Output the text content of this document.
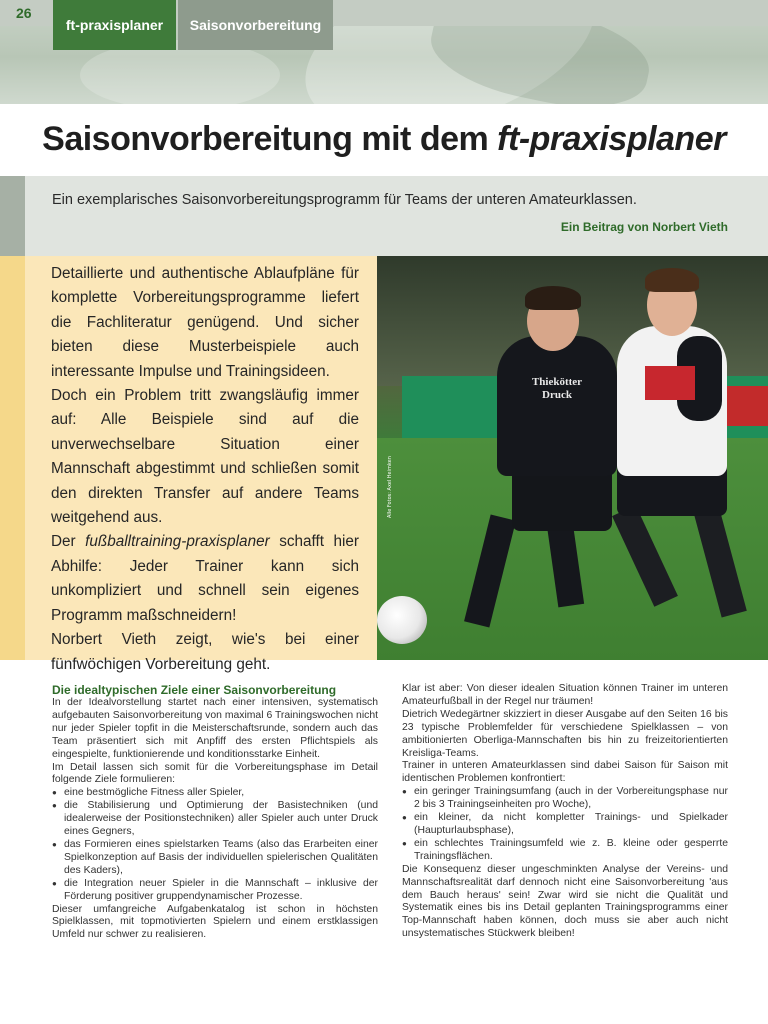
26
ft-praxisplaner	Saisonvorbereitung
Saisonvorbereitung mit dem ft-praxisplaner
Ein exemplarisches Saisonvorbereitungsprogramm für Teams der unteren Amateurklassen.
Ein Beitrag von Norbert Vieth

Detaillierte und authentische Ablaufpläne für komplette Vorbereitungsprogramme liefert die Fachliteratur genügend. Und sicher bieten diese Musterbeispiele auch interessante Impulse und Trainingsideen.

Doch ein Problem tritt zwangsläufig immer auf: Alle Beispiele sind auf die unverwechselbare Situation einer Mannschaft abgestimmt und schließen somit den direkten Transfer auf andere Teams weitgehend aus.

Der fußballtraining-praxisplaner schafft hier Abhilfe: Jeder Trainer kann sich unkompliziert und schnell sein eigenes Programm maßschneidern!

Norbert Vieth zeigt, wie's bei einer fünfwöchigen Vorbereitung geht.

Thiekötter Druck
Alle Fotos: Axel Heimken
Die idealtypischen Ziele einer Saisonvorbereitung

In der Idealvorstellung startet nach einer intensiven, systematisch aufgebauten Saisonvorbereitung von maximal 6 Trainingswochen nicht nur jeder Spieler topfit in die Meisterschaftsrunde, sondern auch das Team präsentiert sich mit Anpfiff des ersten Pflichtspiels als eingespielte, funktionierende und konditionsstarke Einheit.

Im Detail lassen sich somit für die Vorbereitungsphase im Detail folgende Ziele formulieren:

● eine bestmögliche Fitness aller Spieler,
● die Stabilisierung und Optimierung der Basistechniken (und idealerweise der Positionstechniken) aller Spieler auch unter Druck eines Gegners,
● das Formieren eines spielstarken Teams (also das Erarbeiten einer Spielkonzeption auf Basis der individuellen spielerischen Qualitäten des Kaders),
● die Integration neuer Spieler in die Mannschaft – inklusive der Förderung positiver gruppendynamischer Prozesse.

Dieser umfangreiche Aufgabenkatalog ist schon in höchsten Spielklassen, mit topmotivierten Spielern und einem erstklassigen Umfeld nur schwer zu realisieren.

Klar ist aber: Von dieser idealen Situation können Trainer im unteren Amateurfußball in der Regel nur träumen!

Dietrich Wedegärtner skizziert in dieser Ausgabe auf den Seiten 16 bis 23 typische Problemfelder für verschiedene Spielklassen – von ambitionierten Oberliga-Mannschaften bis hin zu freizeitorientierten Kreisliga-Teams.

Trainer in unteren Amateurklassen sind dabei Saison für Saison mit identischen Problemen konfrontiert:

● ein geringer Trainingsumfang (auch in der Vorbereitungsphase nur 2 bis 3 Trainingseinheiten pro Woche),
● ein kleiner, da nicht kompletter Trainings- und Spielkader (Haupturlaubsphase),
● ein schlechtes Trainingsumfeld wie z. B. kleine oder gesperrte Trainingsflächen.

Die Konsequenz dieser ungeschminkten Analyse der Vereins- und Mannschaftsrealität darf dennoch nicht eine Saisonvorbereitung 'aus dem Bauch heraus' sein! Zwar wird sie nicht die Qualität und Systematik eines bis ins Detail geplanten Trainingsprogramms einer Top-Mannschaft haben können, doch muss sie aber auch nicht unsystematisches Stückwerk bleiben!
